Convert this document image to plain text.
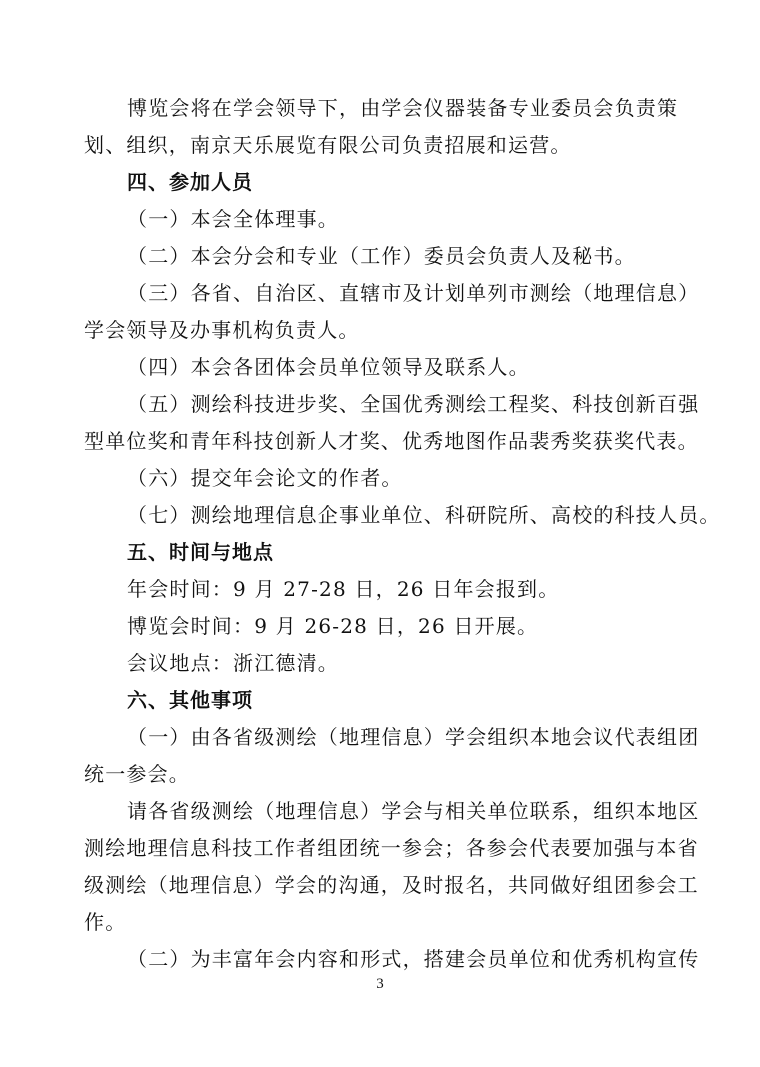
博览会将在学会领导下，由学会仪器装备专业委员会负责策
划、组织，南京天乐展览有限公司负责招展和运营。
四、参加人员
（一）本会全体理事。
（二）本会分会和专业（工作）委员会负责人及秘书。
（三）各省、自治区、直辖市及计划单列市测绘（地理信息）
学会领导及办事机构负责人。
（四）本会各团体会员单位领导及联系人。
（五）测绘科技进步奖、全国优秀测绘工程奖、科技创新百强
型单位奖和青年科技创新人才奖、优秀地图作品裴秀奖获奖代表。
（六）提交年会论文的作者。
（七）测绘地理信息企事业单位、科研院所、高校的科技人员。
五、时间与地点
年会时间：9 月 27-28 日，26 日年会报到。
博览会时间：9 月 26-28 日，26 日开展。
会议地点：浙江德清。
六、其他事项
（一）由各省级测绘（地理信息）学会组织本地会议代表组团
统一参会。
请各省级测绘（地理信息）学会与相关单位联系，组织本地区
测绘地理信息科技工作者组团统一参会；各参会代表要加强与本省
级测绘（地理信息）学会的沟通，及时报名，共同做好组团参会工
作。
（二）为丰富年会内容和形式，搭建会员单位和优秀机构宣传
3
